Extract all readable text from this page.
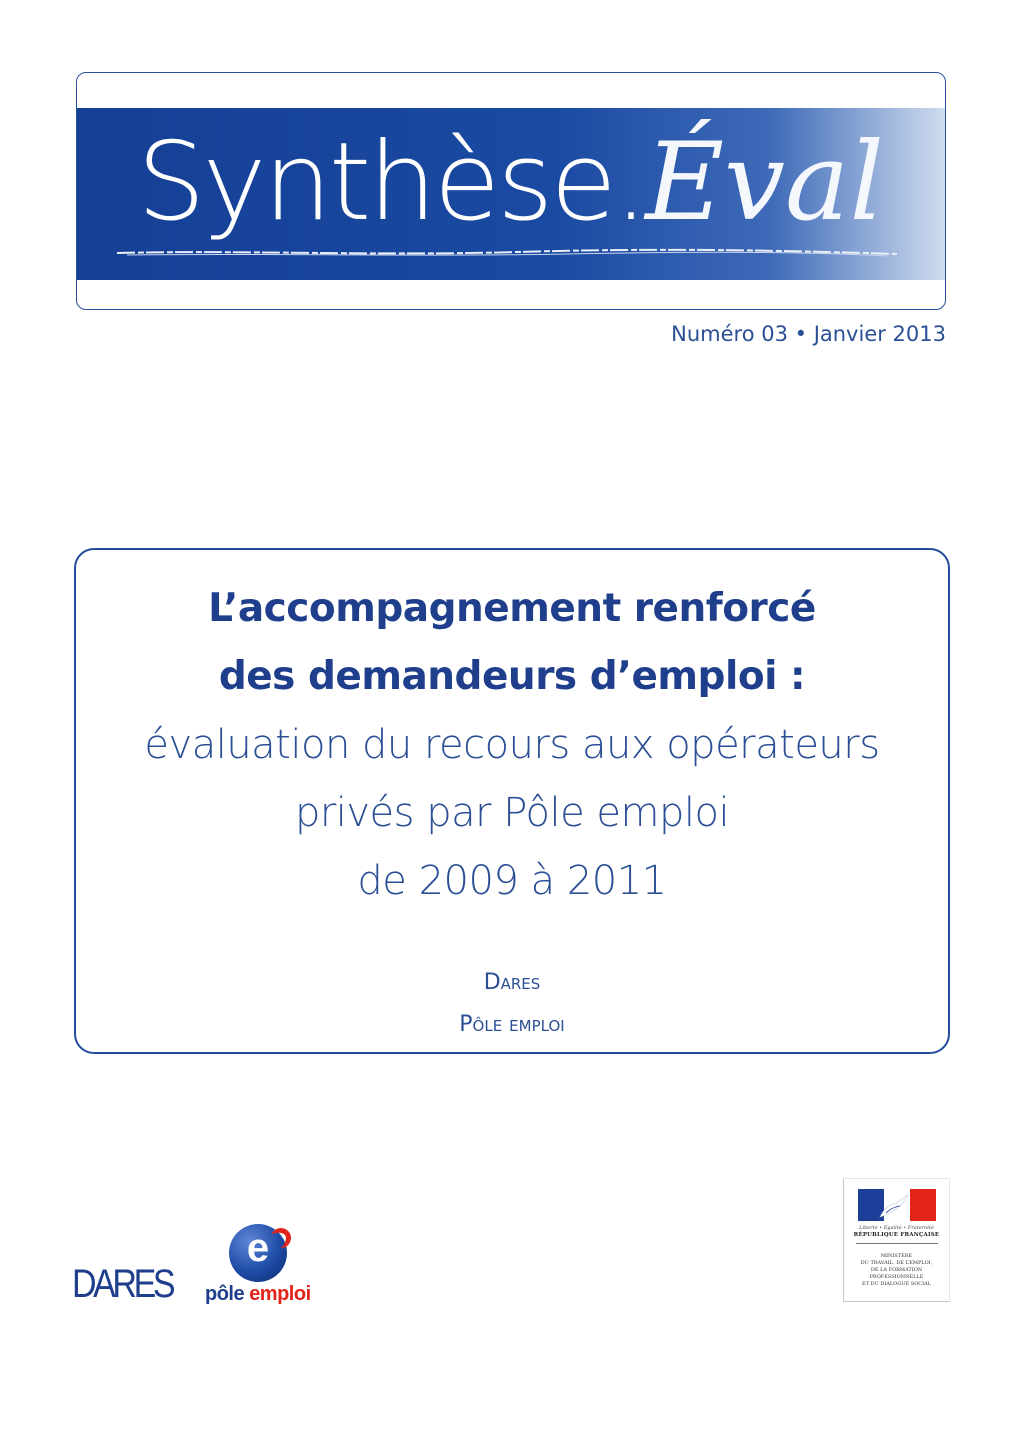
Synthèse.Éval
Numéro 03 • Janvier 2013
L’accompagnement renforcé
des demandeurs d’emploi :
évaluation du recours aux opérateurs
privés par Pôle emploi
de 2009 à 2011
Dares
Pôle emploi
DARES
e
pôle emploi
Liberté • Égalité • Fraternité
RÉPUBLIQUE FRANÇAISE
MINISTÈRE
DU TRAVAIL, DE L’EMPLOI,
DE LA FORMATION
PROFESSIONNELLE
ET DU DIALOGUE SOCIAL
